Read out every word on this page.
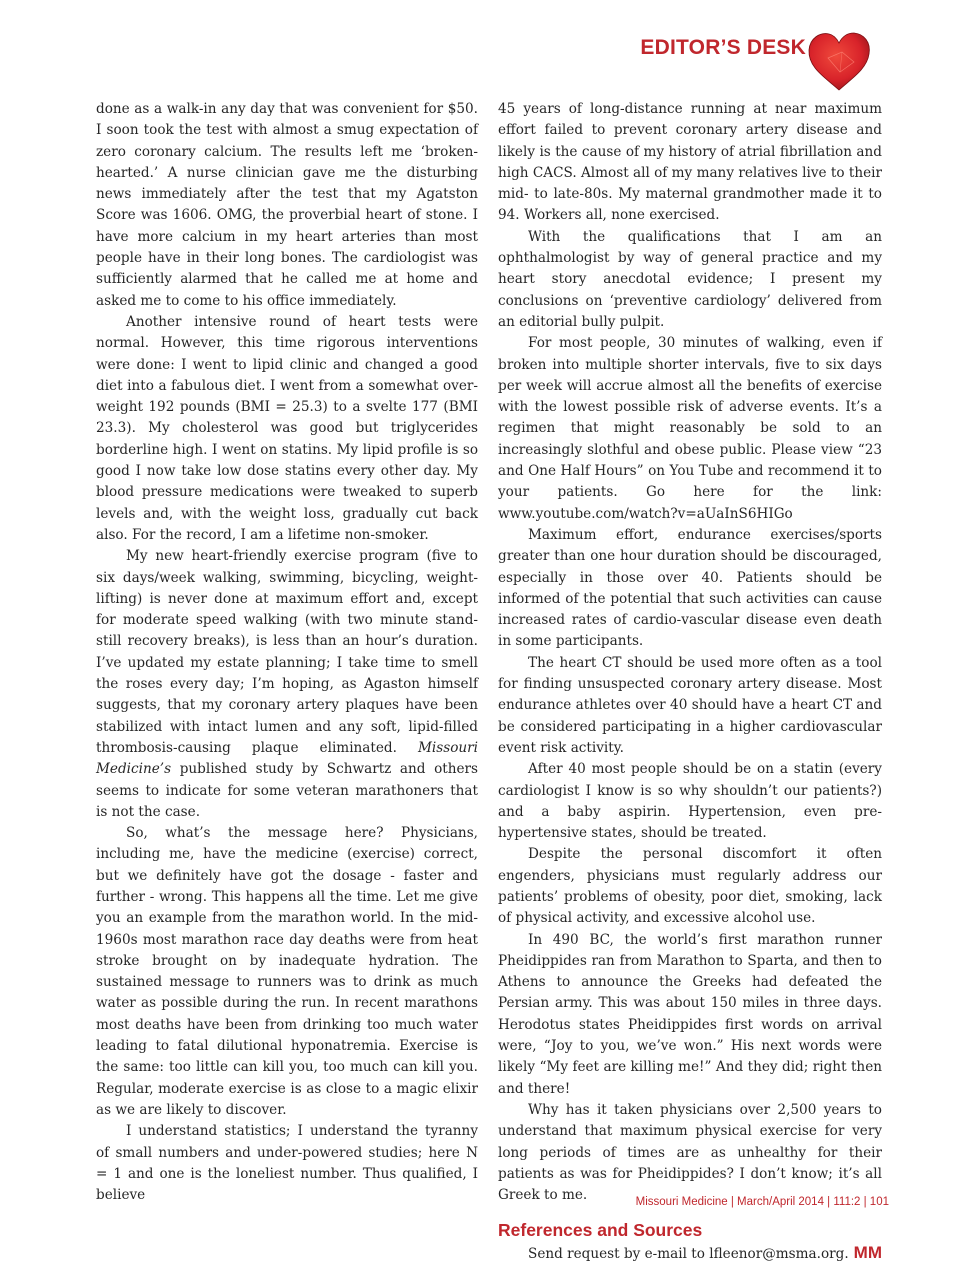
EDITOR’S DESK

done as a walk-in any day that was convenient for $50. I soon took the test with almost a smug expectation of zero coronary calcium. The results left me ‘broken-hearted.’ A nurse clinician gave me the disturbing news immediately after the test that my Agatston Score was 1606. OMG, the proverbial heart of stone. I have more calcium in my heart arteries than most people have in their long bones. The cardiologist was sufficiently alarmed that he called me at home and asked me to come to his office immediately.

Another intensive round of heart tests were normal. However, this time rigorous interventions were done: I went to lipid clinic and changed a good diet into a fabulous diet. I went from a somewhat over-weight 192 pounds (BMI = 25.3) to a svelte 177 (BMI 23.3). My cholesterol was good but triglycerides borderline high. I went on statins. My lipid profile is so good I now take low dose statins every other day. My blood pressure medications were tweaked to superb levels and, with the weight loss, gradually cut back also. For the record, I am a lifetime non-smoker.

My new heart-friendly exercise program (five to six days/week walking, swimming, bicycling, weight-lifting) is never done at maximum effort and, except for moderate speed walking (with two minute stand-still recovery breaks), is less than an hour’s duration. I’ve updated my estate planning; I take time to smell the roses every day; I’m hoping, as Agaston himself suggests, that my coronary artery plaques have been stabilized with intact lumen and any soft, lipid-filled thrombosis-causing plaque eliminated. Missouri Medicine’s published study by Schwartz and others seems to indicate for some veteran marathoners that is not the case.

So, what’s the message here? Physicians, including me, have the medicine (exercise) correct, but we definitely have got the dosage - faster and further - wrong. This happens all the time. Let me give you an example from the marathon world. In the mid-1960s most marathon race day deaths were from heat stroke brought on by inadequate hydration. The sustained message to runners was to drink as much water as possible during the run. In recent marathons most deaths have been from drinking too much water leading to fatal dilutional hyponatremia. Exercise is the same: too little can kill you, too much can kill you. Regular, moderate exercise is as close to a magic elixir as we are likely to discover.

I understand statistics; I understand the tyranny of small numbers and under-powered studies; here N = 1 and one is the loneliest number. Thus qualified, I believe

45 years of long-distance running at near maximum effort failed to prevent coronary artery disease and likely is the cause of my history of atrial fibrillation and high CACS. Almost all of my many relatives live to their mid- to late-80s. My maternal grandmother made it to 94. Workers all, none exercised.

With the qualifications that I am an ophthalmologist by way of general practice and my heart story anecdotal evidence; I present my conclusions on ‘preventive cardiology’ delivered from an editorial bully pulpit.

For most people, 30 minutes of walking, even if broken into multiple shorter intervals, five to six days per week will accrue almost all the benefits of exercise with the lowest possible risk of adverse events. It’s a regimen that might reasonably be sold to an increasingly slothful and obese public. Please view “23 and One Half Hours” on You Tube and recommend it to your patients. Go here for the link: www.youtube.com/watch?v=aUaInS6HIGo

Maximum effort, endurance exercises/sports greater than one hour duration should be discouraged, especially in those over 40. Patients should be informed of the potential that such activities can cause increased rates of cardio-vascular disease even death in some participants.

The heart CT should be used more often as a tool for finding unsuspected coronary artery disease. Most endurance athletes over 40 should have a heart CT and be considered participating in a higher cardiovascular event risk activity.

After 40 most people should be on a statin (every cardiologist I know is so why shouldn’t our patients?) and a baby aspirin. Hypertension, even pre-hypertensive states, should be treated.

Despite the personal discomfort it often engenders, physicians must regularly address our patients’ problems of obesity, poor diet, smoking, lack of physical activity, and excessive alcohol use.

In 490 BC, the world’s first marathon runner Pheidippides ran from Marathon to Sparta, and then to Athens to announce the Greeks had defeated the Persian army. This was about 150 miles in three days. Herodotus states Pheidippides first words on arrival were, “Joy to you, we’ve won.” His next words were likely “My feet are killing me!” And they did; right then and there!

Why has it taken physicians over 2,500 years to understand that maximum physical exercise for very long periods of times are as unhealthy for their patients as was for Pheidippides? I don’t know; it’s all Greek to me.

References and Sources
Send request by e-mail to lfleenor@msma.org. MM
Missouri Medicine | March/April 2014 | 111:2 | 101
